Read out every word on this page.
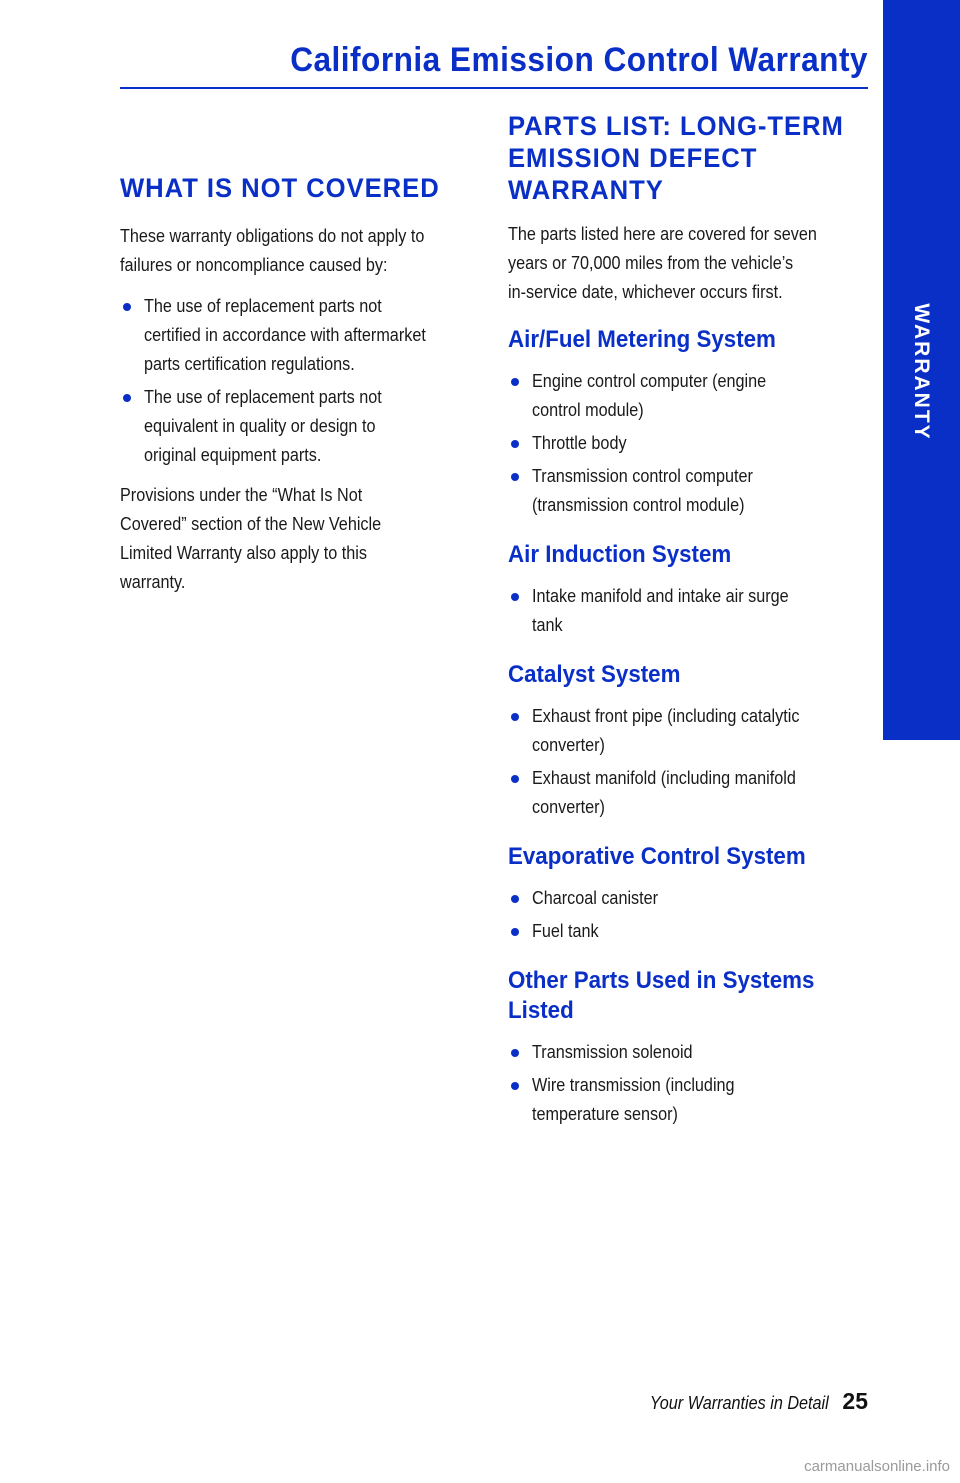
California Emission Control Warranty
WARRANTY
WHAT IS NOT COVERED
These warranty obligations do not apply to
failures or noncompliance caused by:
The use of replacement parts not
certified in accordance with aftermarket
parts certification regulations.
The use of replacement parts not
equivalent in quality or design to
original equipment parts.
Provisions under the “What Is Not
Covered” section of the New Vehicle
Limited Warranty also apply to this
warranty.
PARTS LIST: LONG-TERM
EMISSION DEFECT
WARRANTY
The parts listed here are covered for seven
years or 70,000 miles from the vehicle’s
in-service date, whichever occurs first.
Air/Fuel Metering System
Engine control computer (engine
control module)
Throttle body
Transmission control computer
(transmission control module)
Air Induction System
Intake manifold and intake air surge
tank
Catalyst System
Exhaust front pipe (including catalytic
converter)
Exhaust manifold (including manifold
converter)
Evaporative Control System
Charcoal canister
Fuel tank
Other Parts Used in Systems
Listed
Transmission solenoid
Wire transmission (including
temperature sensor)
Your Warranties in Detail 25
carmanualsonline.info
